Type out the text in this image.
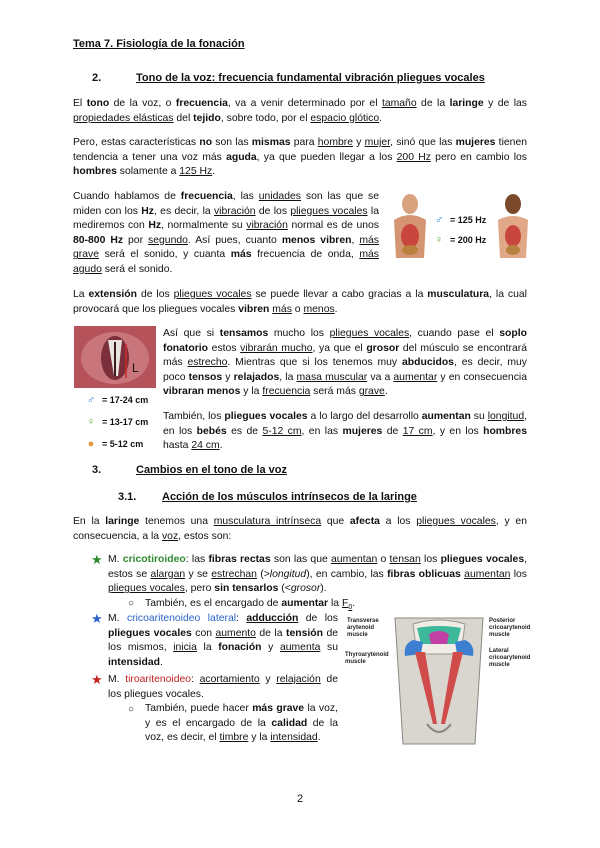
Tema 7. Fisiología de la fonación
2.	Tono de la voz: frecuencia fundamental vibración pliegues vocales
El tono de la voz, o frecuencia, va a venir determinado por el tamaño de la laringe y de las propiedades elásticas del tejido, sobre todo, por el espacio glótico.
Pero, estas características no son las mismas para hombre y mujer, sinó que las mujeres tienen tendencia a tener una voz más aguda, ya que pueden llegar a los 200 Hz pero en cambio los hombres solamente a 125 Hz.
Cuando hablamos de frecuencia, las unidades son las que se miden con los Hz, es decir, la vibración de los pliegues vocales la mediremos con Hz, normalmente su vibración normal es de unos 80-800 Hz por segundo. Así pues, cuanto menos vibren, más grave será el sonido, y cuanta más frecuencia de onda, más agudo será el sonido.
♂ = 125 Hz
♀ = 200 Hz
La extensión de los pliegues vocales se puede llevar a cabo gracias a la musculatura, la cual provocará que los pliegues vocales vibren más o menos.
L
♂ = 17-24 cm
♀ = 13-17 cm
● = 5-12 cm
Así que si tensamos mucho los pliegues vocales, cuando pase el soplo fonatorio estos vibrarán mucho, ya que el grosor del músculo se encontrará más estrecho. Mientras que si los tenemos muy abducidos, es decir, muy poco tensos y relajados, la masa muscular va a aumentar y en consecuencia vibraran menos y la frecuencia será más grave.
También, los pliegues vocales a lo largo del desarrollo aumentan su longitud, en los bebés es de 5-12 cm, en las mujeres de 17 cm, y en los hombres hasta 24 cm.
3.	Cambios en el tono de la voz
3.1. Acción de los músculos intrínsecos de la laringe
En la laringe tenemos una musculatura intrínseca que afecta a los pliegues vocales, y en consecuencia, a la voz, estos son:
★ M. cricotiroideo: las fibras rectas son las que aumentan o tensan los pliegues vocales, estos se alargan y se estrechan (>longitud), en cambio, las fibras oblicuas aumentan los pliegues vocales, pero sin tensarlos (<grosor).
○ También, es el encargado de aumentar la $F_0$.
★ M. cricoaritenoideo lateral: adducción de los pliegues vocales con aumento de la tensión de los mismos, inicia la fonación y aumenta su intensidad.
★ M. tiroaritenoideo: acortamiento y relajación de los pliegues vocales.
○ También, puede hacer más grave la voz, y es el encargado de la calidad de la voz, es decir, el timbre y la intensidad.
Transverse arytenoid muscle
Thyroarytenoid muscle
Posterior cricoarytenoid muscle
Lateral cricoarytenoid muscle
2
